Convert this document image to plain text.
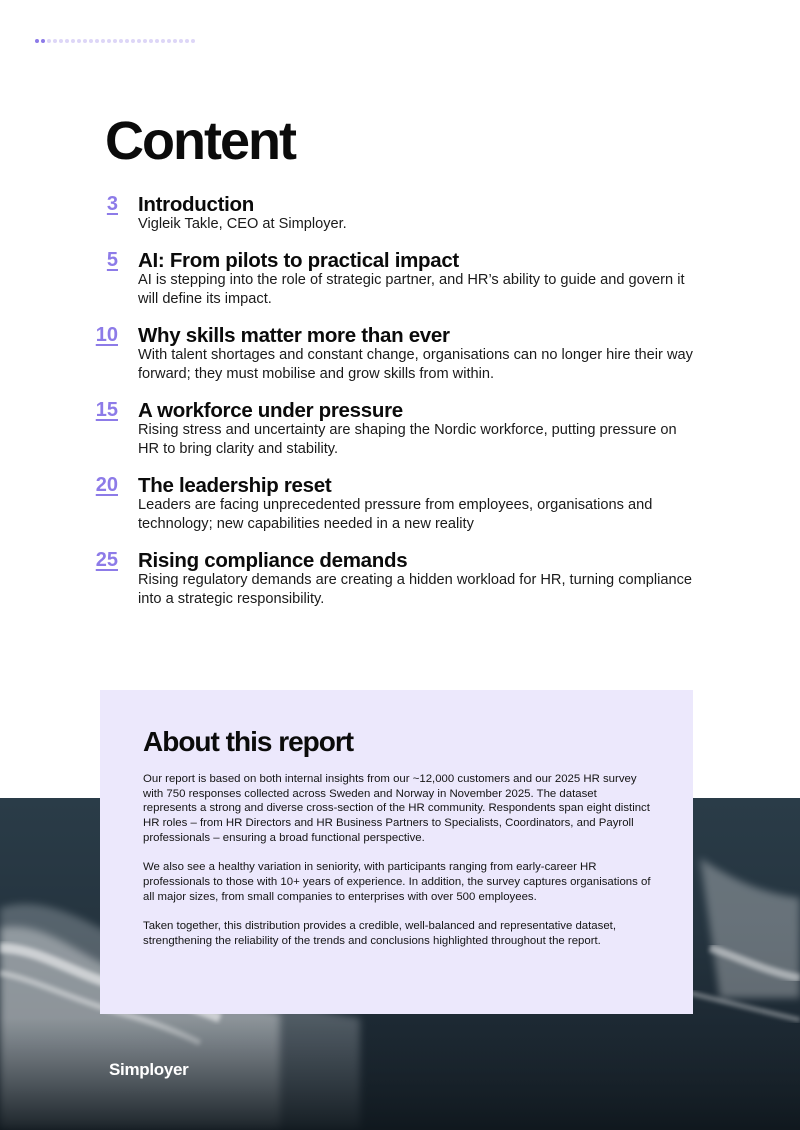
Content
3 Introduction
Vigleik Takle, CEO at Simployer.
5 AI: From pilots to practical impact
AI is stepping into the role of strategic partner, and HR’s ability to guide and govern it will define its impact.
10 Why skills matter more than ever
With talent shortages and constant change, organisations can no longer hire their way forward; they must mobilise and grow skills from within.
15 A workforce under pressure
Rising stress and uncertainty are shaping the Nordic workforce, putting pressure on HR to bring clarity and stability.
20 The leadership reset
Leaders are facing unprecedented pressure from employees, organisations and technology; new capabilities needed in a new reality
25 Rising compliance demands
Rising regulatory demands are creating a hidden workload for HR, turning compliance into a strategic responsibility.
About this report

Our report is based on both internal insights from our ~12,000 customers and our 2025 HR survey with 750 responses collected across Sweden and Norway in November 2025. The dataset represents a strong and diverse cross-section of the HR community. Respondents span eight distinct HR roles – from HR Directors and HR Business Partners to Specialists, Coordinators, and Payroll professionals – ensuring a broad functional perspective.

We also see a healthy variation in seniority, with participants ranging from early-career HR professionals to those with 10+ years of experience. In addition, the survey captures organisations of all major sizes, from small companies to enterprises with over 500 employees.

Taken together, this distribution provides a credible, well-balanced and representative dataset, strengthening the reliability of the trends and conclusions highlighted throughout the report.

Simployer
